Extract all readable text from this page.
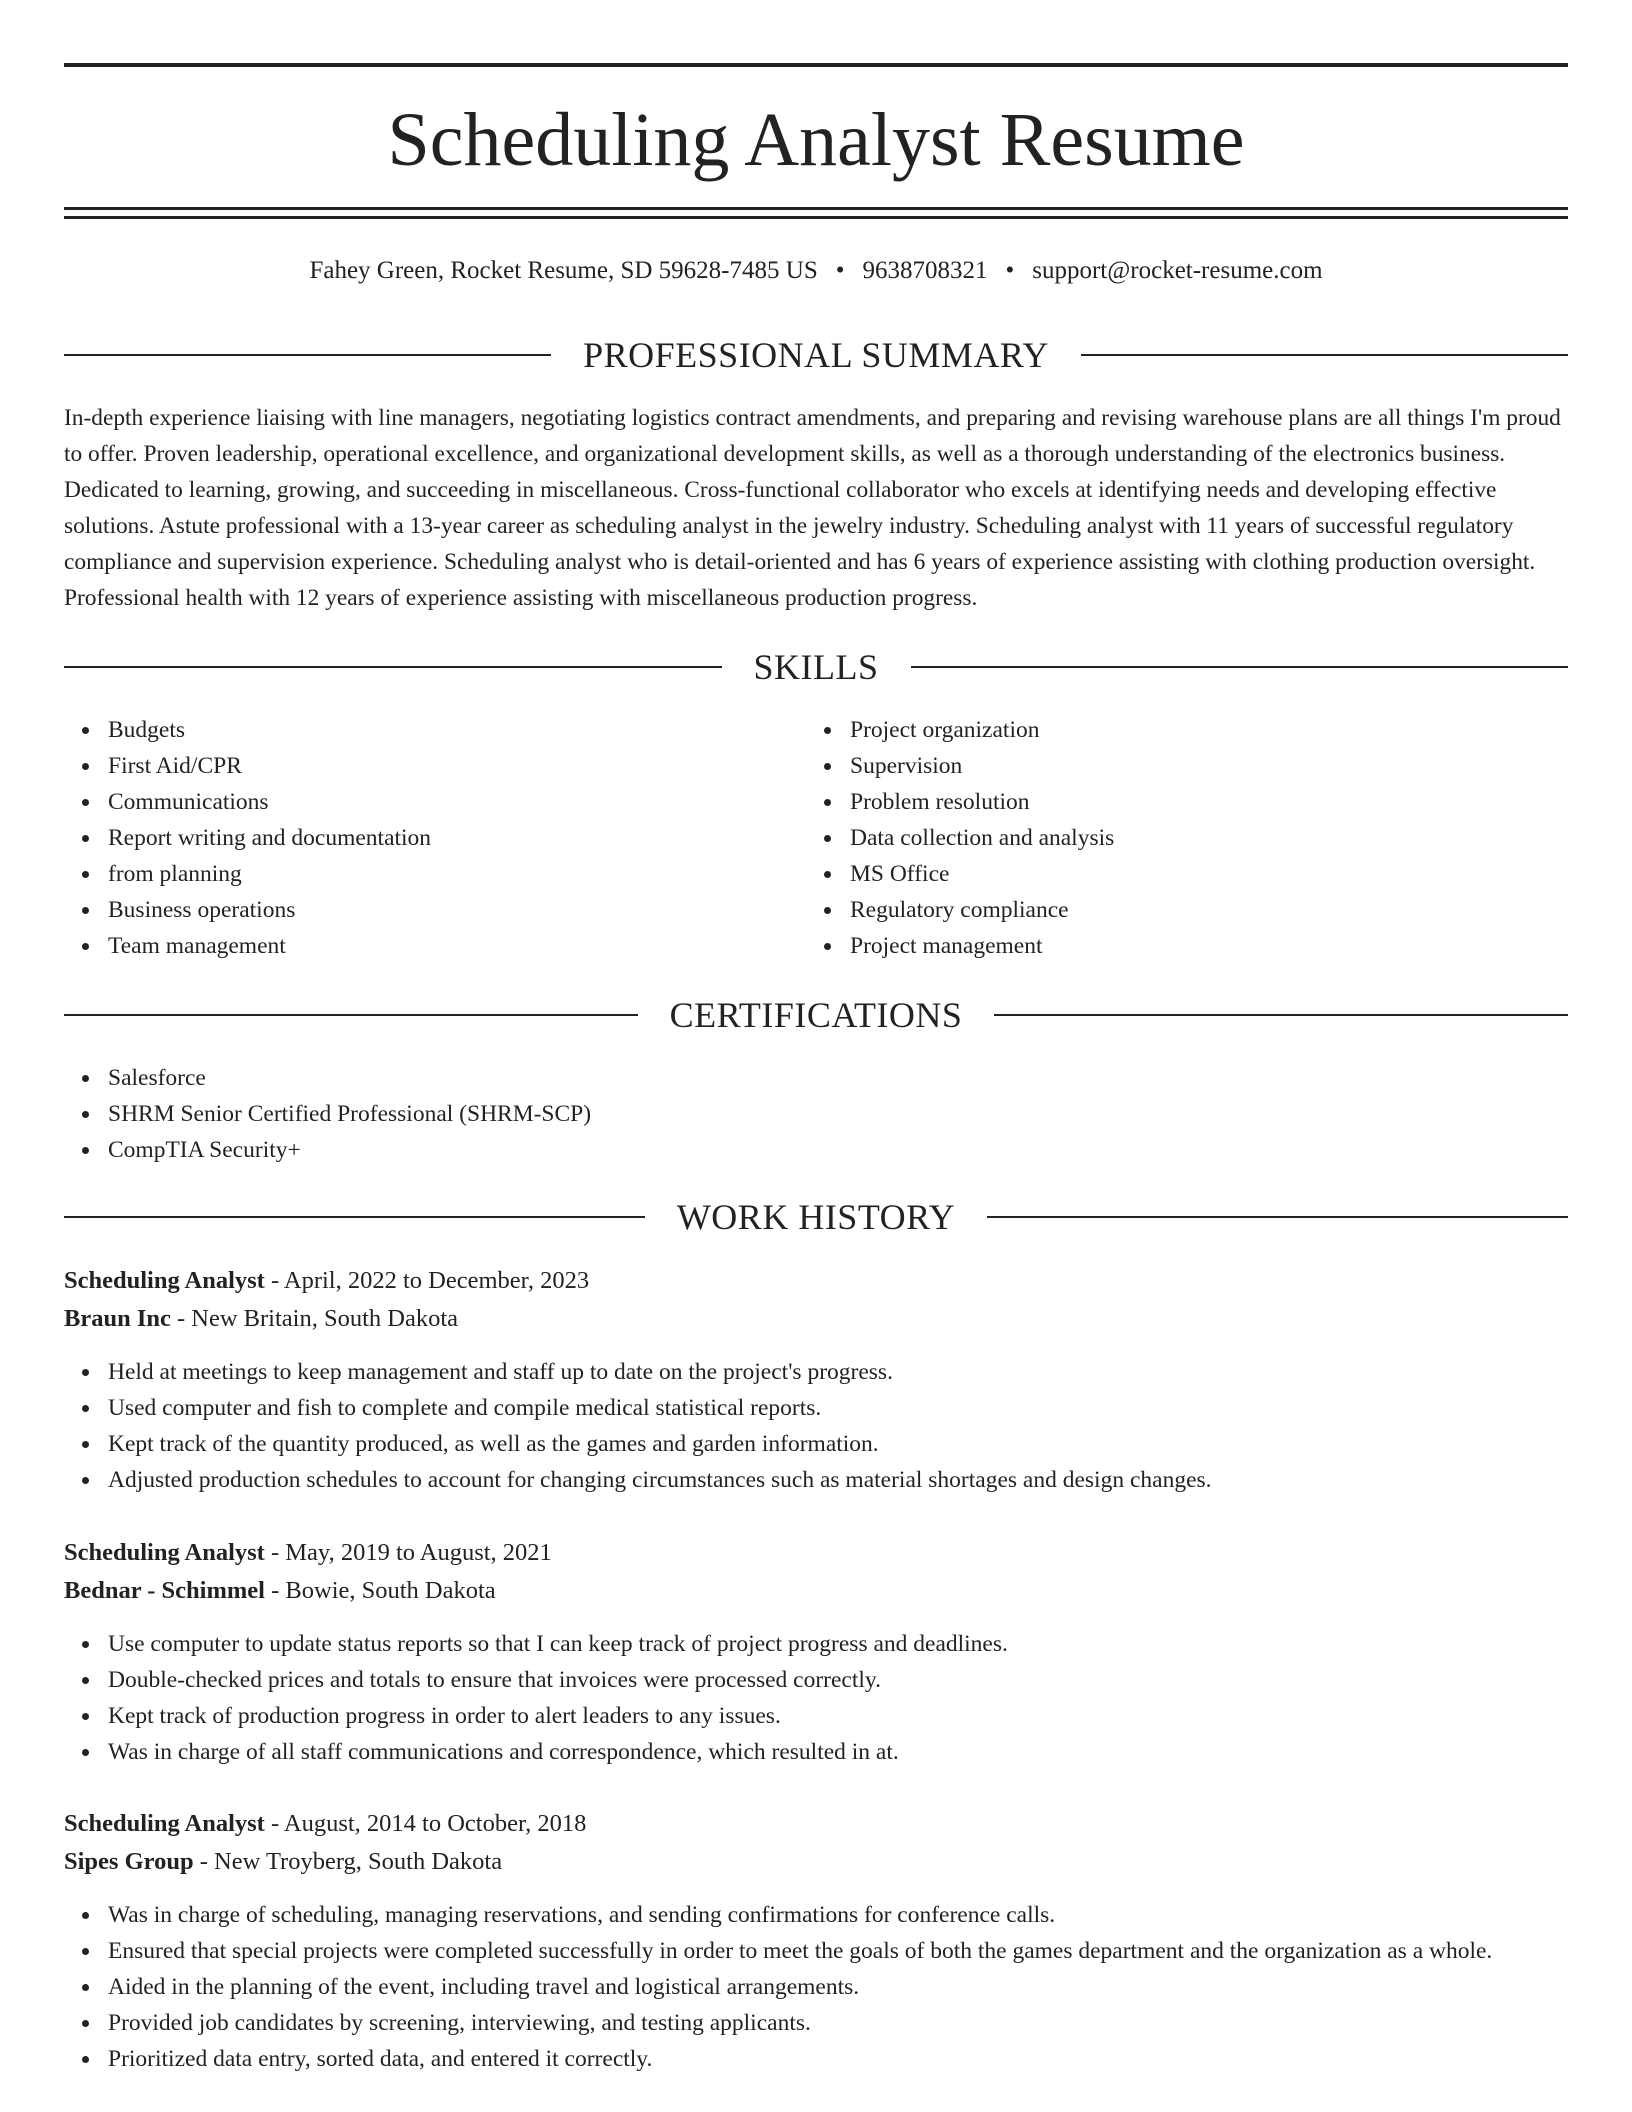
Scheduling Analyst Resume
Fahey Green, Rocket Resume, SD 59628-7485 US • 9638708321 • support@rocket-resume.com
PROFESSIONAL SUMMARY

In-depth experience liaising with line managers, negotiating logistics contract amendments, and preparing and revising warehouse plans are all things I'm proud to offer. Proven leadership, operational excellence, and organizational development skills, as well as a thorough understanding of the electronics business. Dedicated to learning, growing, and succeeding in miscellaneous. Cross-functional collaborator who excels at identifying needs and developing effective solutions. Astute professional with a 13-year career as scheduling analyst in the jewelry industry. Scheduling analyst with 11 years of successful regulatory compliance and supervision experience. Scheduling analyst who is detail-oriented and has 6 years of experience assisting with clothing production oversight. Professional health with 12 years of experience assisting with miscellaneous production progress.

SKILLS
Budgets
First Aid/CPR
Communications
Report writing and documentation
from planning
Business operations
Team management
Project organization
Supervision
Problem resolution
Data collection and analysis
MS Office
Regulatory compliance
Project management
CERTIFICATIONS
Salesforce
SHRM Senior Certified Professional (SHRM-SCP)
CompTIA Security+
WORK HISTORY

Scheduling Analyst - April, 2022 to December, 2023

Braun Inc - New Britain, South Dakota

Held at meetings to keep management and staff up to date on the project's progress.
Used computer and fish to complete and compile medical statistical reports.
Kept track of the quantity produced, as well as the games and garden information.
Adjusted production schedules to account for changing circumstances such as material shortages and design changes.

Scheduling Analyst - May, 2019 to August, 2021

Bednar - Schimmel - Bowie, South Dakota

Use computer to update status reports so that I can keep track of project progress and deadlines.
Double-checked prices and totals to ensure that invoices were processed correctly.
Kept track of production progress in order to alert leaders to any issues.
Was in charge of all staff communications and correspondence, which resulted in at.

Scheduling Analyst - August, 2014 to October, 2018

Sipes Group - New Troyberg, South Dakota

Was in charge of scheduling, managing reservations, and sending confirmations for conference calls.
Ensured that special projects were completed successfully in order to meet the goals of both the games department and the organization as a whole.
Aided in the planning of the event, including travel and logistical arrangements.
Provided job candidates by screening, interviewing, and testing applicants.
Prioritized data entry, sorted data, and entered it correctly.
